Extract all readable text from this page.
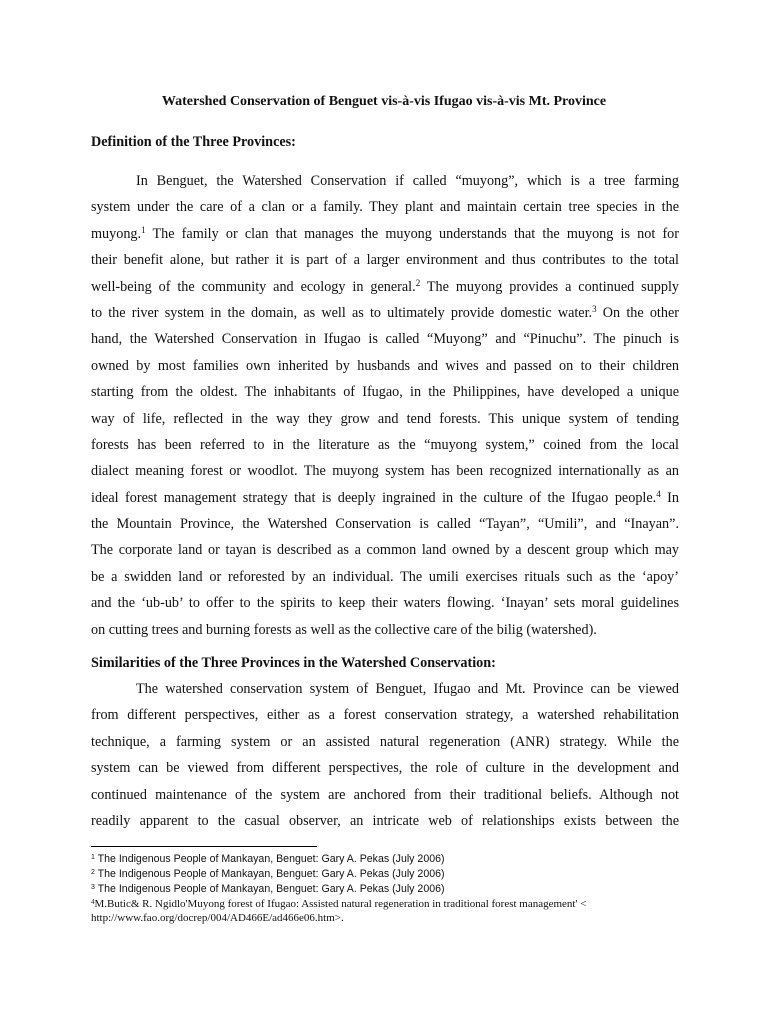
Watershed Conservation of Benguet vis-à-vis Ifugao vis-à-vis Mt. Province
Definition of the Three Provinces:
In Benguet, the Watershed Conservation if called “muyong”, which is a tree farming
system under the care of a clan or a family. They plant and maintain certain tree species in the
muyong.$^1$ The family or clan that manages the muyong understands that the muyong is not for
their benefit alone, but rather it is part of a larger environment and thus contributes to the total
well-being of the community and ecology in general.$^2$ The muyong provides a continued supply
to the river system in the domain, as well as to ultimately provide domestic water.$^3$ On the other
hand, the Watershed Conservation in Ifugao is called “Muyong” and “Pinuchu”. The pinuch is
owned by most families own inherited by husbands and wives and passed on to their children
starting from the oldest. The inhabitants of Ifugao, in the Philippines, have developed a unique
way of life, reflected in the way they grow and tend forests. This unique system of tending
forests has been referred to in the literature as the “muyong system,” coined from the local
dialect meaning forest or woodlot. The muyong system has been recognized internationally as an
ideal forest management strategy that is deeply ingrained in the culture of the Ifugao people.$^4$ In
the Mountain Province, the Watershed Conservation is called “Tayan”, “Umili”, and “Inayan”.
The corporate land or tayan is described as a common land owned by a descent group which may
be a swidden land or reforested by an individual. The umili exercises rituals such as the ‘apoy’
and the ‘ub-ub’ to offer to the spirits to keep their waters flowing. ‘Inayan’ sets moral guidelines
on cutting trees and burning forests as well as the collective care of the bilig (watershed).
Similarities of the Three Provinces in the Watershed Conservation:
The watershed conservation system of Benguet, Ifugao and Mt. Province can be viewed
from different perspectives, either as a forest conservation strategy, a watershed rehabilitation
technique, a farming system or an assisted natural regeneration (ANR) strategy. While the
system can be viewed from different perspectives, the role of culture in the development and
continued maintenance of the system are anchored from their traditional beliefs. Although not
readily apparent to the casual observer, an intricate web of relationships exists between the
$^1$ The Indigenous People of Mankayan, Benguet: Gary A. Pekas (July 2006)
$^2$ The Indigenous People of Mankayan, Benguet: Gary A. Pekas (July 2006)
$^3$ The Indigenous People of Mankayan, Benguet: Gary A. Pekas (July 2006)
$^4$M.Butic& R. Ngidlo'Muyong forest of Ifugao: Assisted natural regeneration in traditional forest management' <
http://www.fao.org/docrep/004/AD466E/ad466e06.htm>.
